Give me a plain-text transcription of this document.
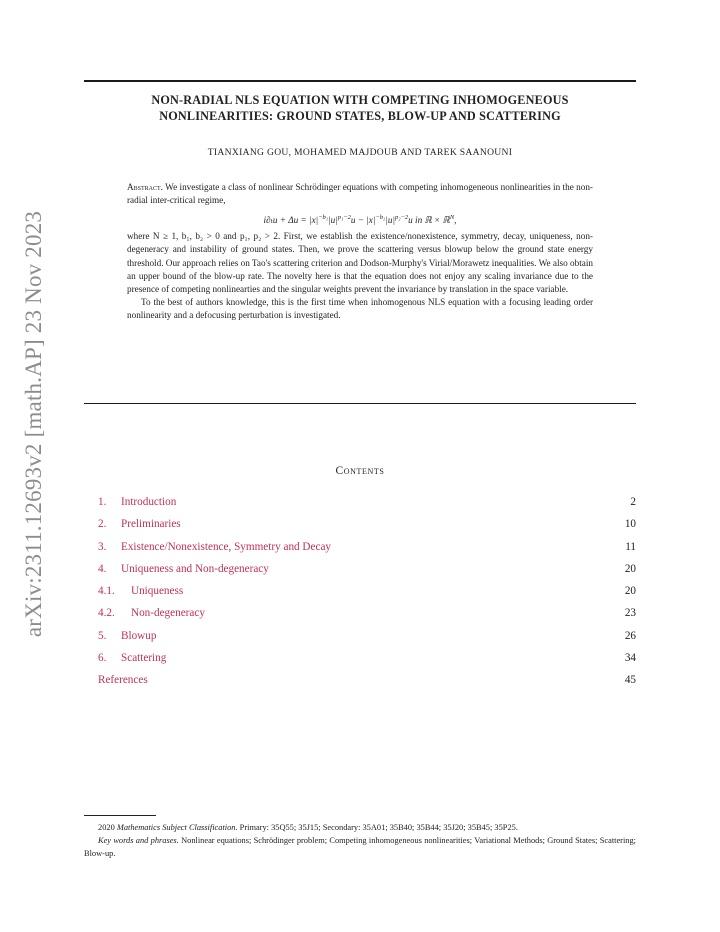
arXiv:2311.12693v2 [math.AP] 23 Nov 2023
NON-RADIAL NLS EQUATION WITH COMPETING INHOMOGENEOUS
NONLINEARITIES: GROUND STATES, BLOW-UP AND SCATTERING
TIANXIANG GOU, MOHAMED MAJDOUB AND TAREK SAANOUNI

Abstract. We investigate a class of nonlinear Schrödinger equations with competing inhomogeneous nonlinearities in the non-radial inter-critical regime,

$i\partial_tu + \Delta u = |x|^{-b_1}|u|^{p_1-2}u - |x|^{-b_2}|u|^{p_2-2}u$ in ℝ × ℝ$^N$,

where N ≥ 1, b₁, b₂ > 0 and p₁, p₂ > 2. First, we establish the existence/nonexistence, symmetry, decay, uniqueness, non-degeneracy and instability of ground states. Then, we prove the scattering versus blowup below the ground state energy threshold. Our approach relies on Tao's scattering criterion and Dodson-Murphy's Virial/Morawetz inequalities. We also obtain an upper bound of the blow-up rate. The novelty here is that the equation does not enjoy any scaling invariance due to the presence of competing nonlinearties and the singular weights prevent the invariance by translation in the space variable.

To the best of authors knowledge, this is the first time when inhomogenous NLS equation with a focusing leading order nonlinearity and a defocusing perturbation is investigated.

Contents
1. Introduction	2
2. Preliminaries	10
3. Existence/Nonexistence, Symmetry and Decay	11
4. Uniqueness and Non-degeneracy	20
4.1. Uniqueness	20
4.2. Non-degeneracy	23
5. Blowup	26
6. Scattering	34
References	45

2020 Mathematics Subject Classification. Primary: 35Q55; 35J15; Secondary: 35A01; 35B40; 35B44; 35J20; 35B45; 35P25.

Key words and phrases. Nonlinear equations; Schrödinger problem; Competing inhomogeneous nonlinearities; Variational Methods; Ground States; Scattering; Blow-up.
